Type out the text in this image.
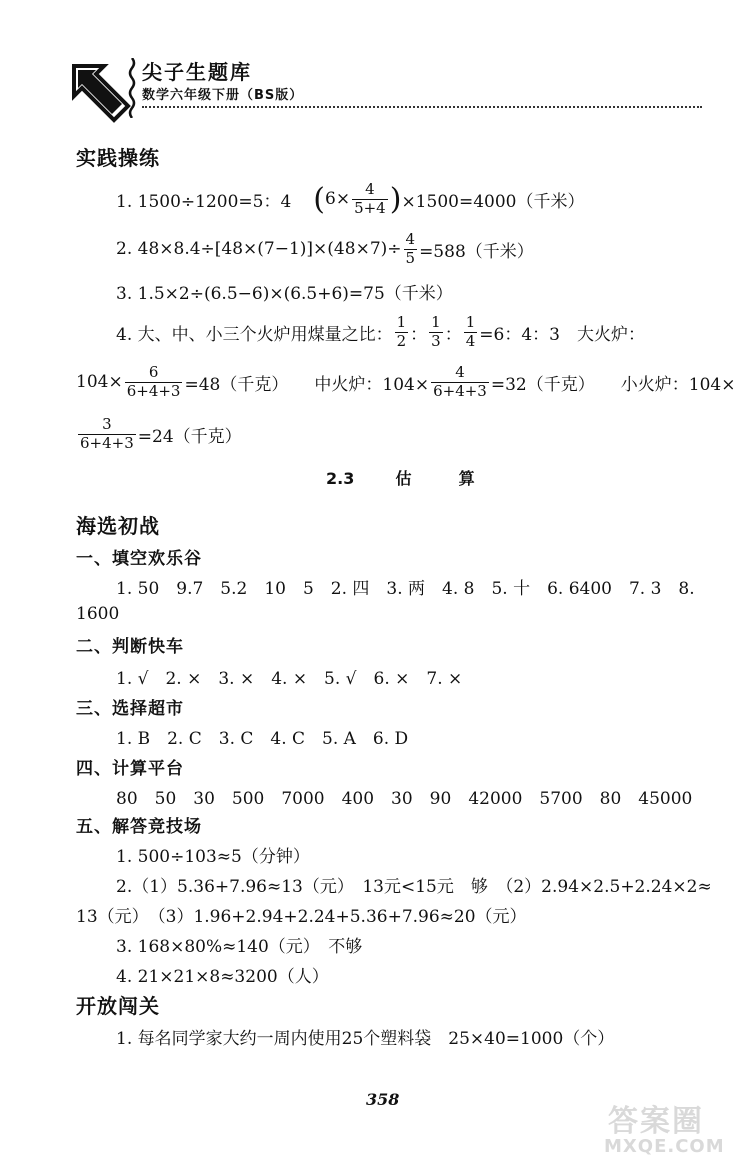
尖子生题库
数学六年级下册（BS版）
实践操练
1. 1500÷1200=5：4 ( $6\times \frac{4}{5+4}$ ) ×1500=4000（千米）
2. $48\times 8.4\div[48\times(7-1)]\times(48\times 7)\div \frac{4}{5} =588$（千米）
3. 1.5×2÷(6.5−6)×(6.5+6)=75（千米）
4. 大、中、小三个火炉用煤量之比： $\frac{1}{2}$ ： $\frac{1}{3}$ ： $\frac{1}{4} =6$：4：3　大火炉：
$104\times \frac{6}{6+4+3} =48$（千克） 中火炉：$104\times \frac{4}{6+4+3} =32$（千克） 小火炉：104×
$\frac{3}{6+4+3} =24$（千克）
2.3	估	算
海选初战
一、填空欢乐谷
1. 50　9.7　5.2　10　5　2. 四　3. 两　4. 8　5. 十　6. 6400　7. 3　8.
1600
二、判断快车
1. √　2. ×　3. ×　4. ×　5. √　6. ×　7. ×
三、选择超市
1. B　2. C　3. C　4. C　5. A　6. D
四、计算平台
80　50　30　500　7000　400　30　90　42000　5700　80　45000
五、解答竞技场
1. 500÷103≈5（分钟）
2.（1）5.36+7.96≈13（元）　13元<15元　够　（2）2.94×2.5+2.24×2≈
13（元）　（3）1.96+2.94+2.24+5.36+7.96≈20（元）
3. 168×80%≈140（元）　不够
4. 21×21×8≈3200（人）
开放闯关
1. 每名同学家大约一周内使用25个塑料袋　25×40=1000（个）
358
答案圈
MXQE.COM
